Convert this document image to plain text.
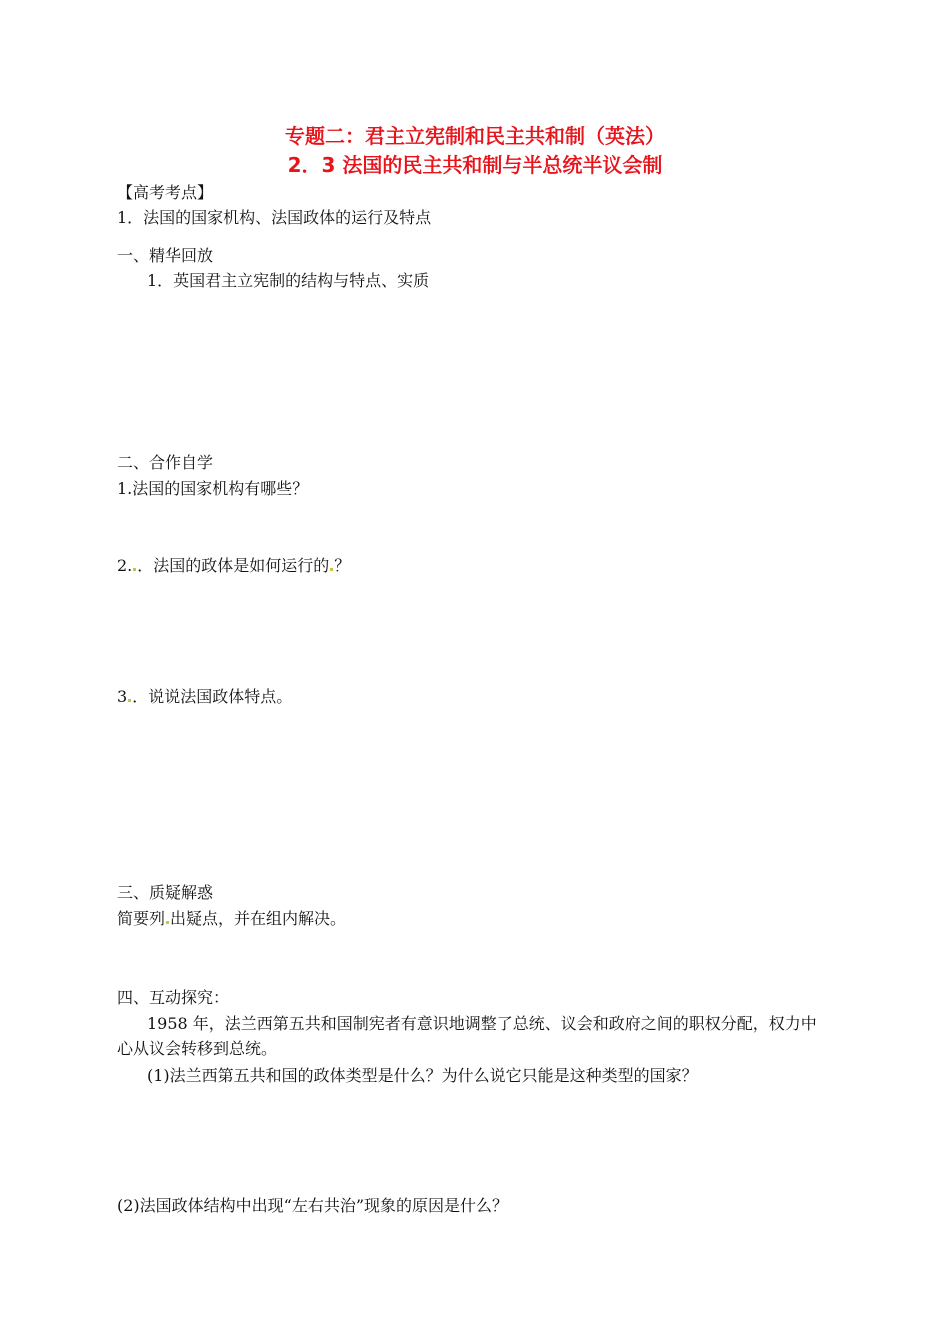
专题二：君主立宪制和民主共和制（英法）
2．3 法国的民主共和制与半总统半议会制
【高考考点】
1．法国的国家机构、法国政体的运行及特点
一、精华回放
1．英国君主立宪制的结构与特点、实质
二、合作自学
1.法国的国家机构有哪些？
2. ．法国的政体是如何运行的 ？
3 ．说说法国政体特点。
三、质疑解惑
简要列 出疑点，并在组内解决。
四、互动探究：
1958 年，法兰西第五共和国制宪者有意识地调整了总统、议会和政府之间的职权分配，权力中
心从议会转移到总统。
(1)法兰西第五共和国的政体类型是什么？为什么说它只能是这种类型的国家？
(2)法国政体结构中出现“左右共治”现象的原因是什么？
